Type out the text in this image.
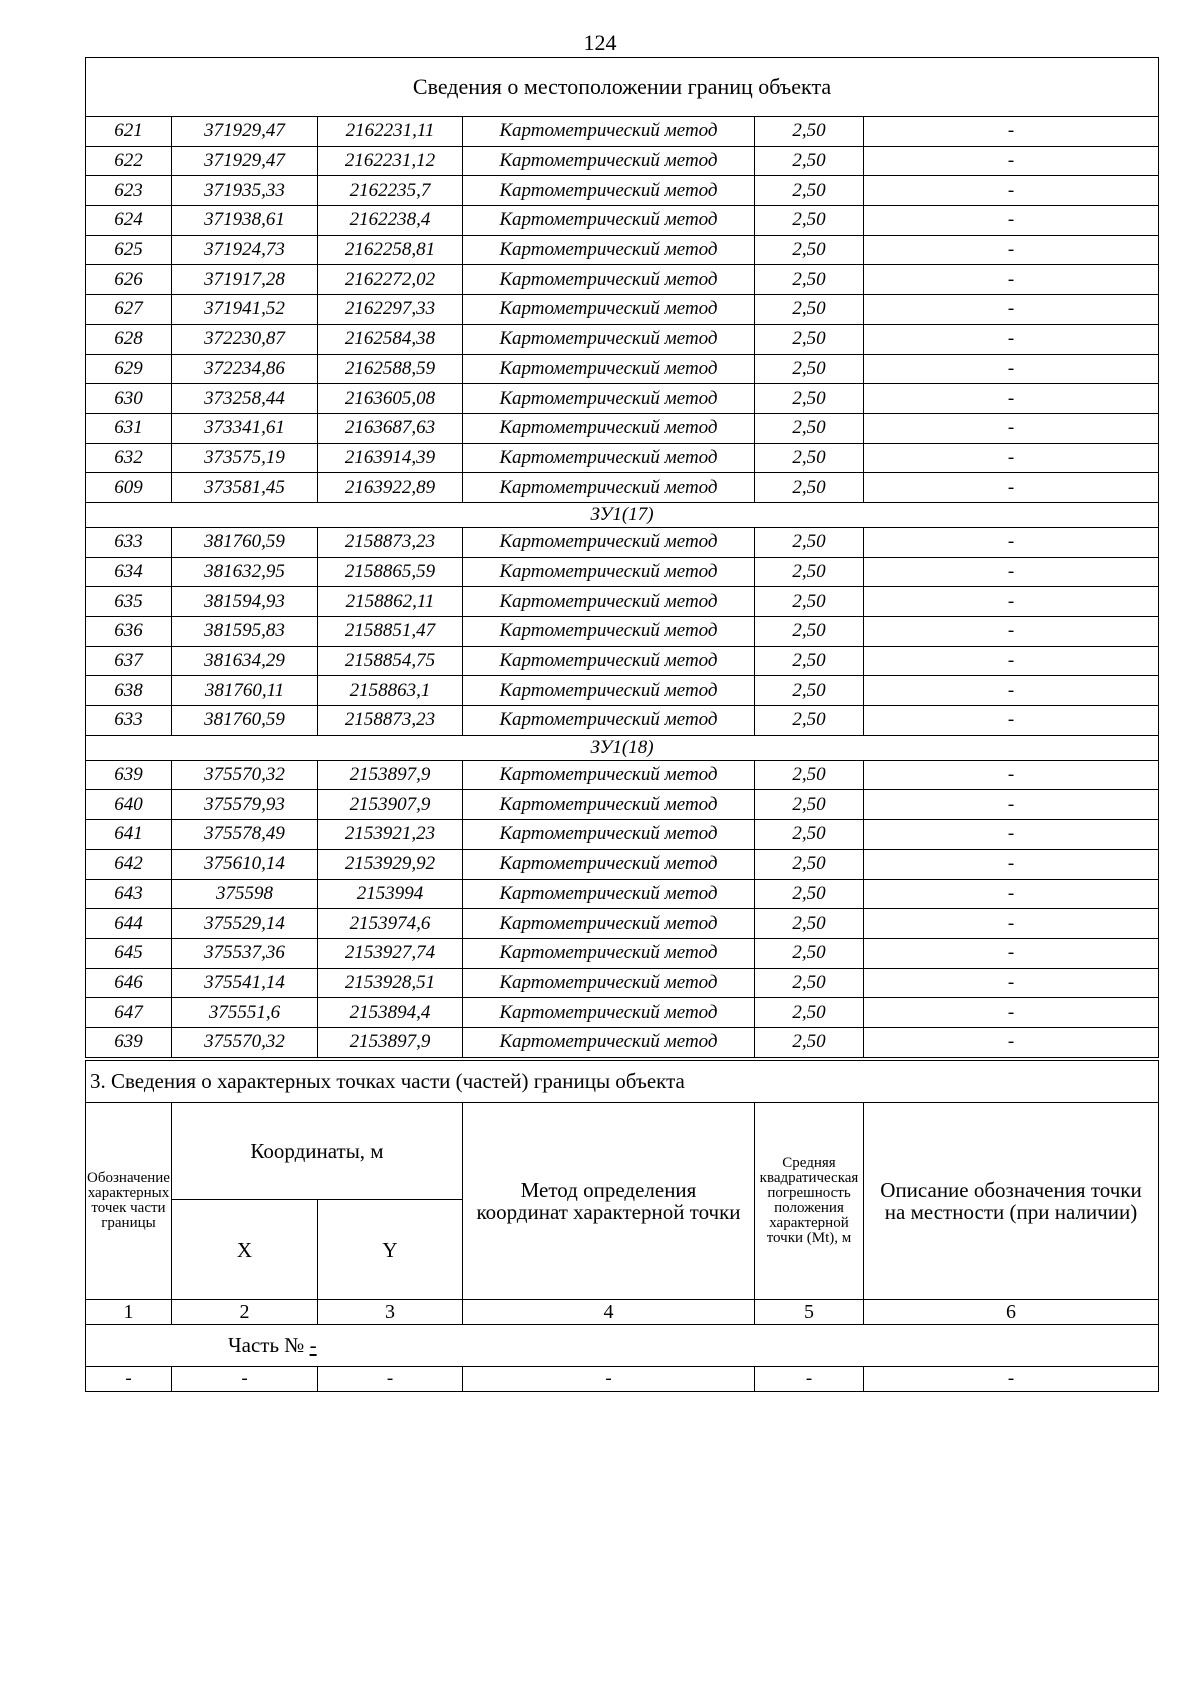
124
Сведения о местоположении границ объекта					
621	371929,47	2162231,11	Картометрический метод	2,50	-
622	371929,47	2162231,12	Картометрический метод	2,50	-
623	371935,33	2162235,7	Картометрический метод	2,50	-
624	371938,61	2162238,4	Картометрический метод	2,50	-
625	371924,73	2162258,81	Картометрический метод	2,50	-
626	371917,28	2162272,02	Картометрический метод	2,50	-
627	371941,52	2162297,33	Картометрический метод	2,50	-
628	372230,87	2162584,38	Картометрический метод	2,50	-
629	372234,86	2162588,59	Картометрический метод	2,50	-
630	373258,44	2163605,08	Картометрический метод	2,50	-
631	373341,61	2163687,63	Картометрический метод	2,50	-
632	373575,19	2163914,39	Картометрический метод	2,50	-
609	373581,45	2163922,89	Картометрический метод	2,50	-
ЗУ1(17)					
633	381760,59	2158873,23	Картометрический метод	2,50	-
634	381632,95	2158865,59	Картометрический метод	2,50	-
635	381594,93	2158862,11	Картометрический метод	2,50	-
636	381595,83	2158851,47	Картометрический метод	2,50	-
637	381634,29	2158854,75	Картометрический метод	2,50	-
638	381760,11	2158863,1	Картометрический метод	2,50	-
633	381760,59	2158873,23	Картометрический метод	2,50	-
ЗУ1(18)					
639	375570,32	2153897,9	Картометрический метод	2,50	-
640	375579,93	2153907,9	Картометрический метод	2,50	-
641	375578,49	2153921,23	Картометрический метод	2,50	-
642	375610,14	2153929,92	Картометрический метод	2,50	-
643	375598	2153994	Картометрический метод	2,50	-
644	375529,14	2153974,6	Картометрический метод	2,50	-
645	375537,36	2153927,74	Картометрический метод	2,50	-
646	375541,14	2153928,51	Картометрический метод	2,50	-
647	375551,6	2153894,4	Картометрический метод	2,50	-
639	375570,32	2153897,9	Картометрический метод	2,50	-
3. Сведения о характерных точках части (частей) границы объекта					
Обозначение характерных точек части границы	Координаты, м		Метод определения координат характерной точки	Средняя квадратическая погрешность положения характерной точки (Mt), м	Описание обозначения точки на местности (при наличии)
	X	Y			
1	2	3	4	5	6
Часть № -					
-	-	-	-	-	-
